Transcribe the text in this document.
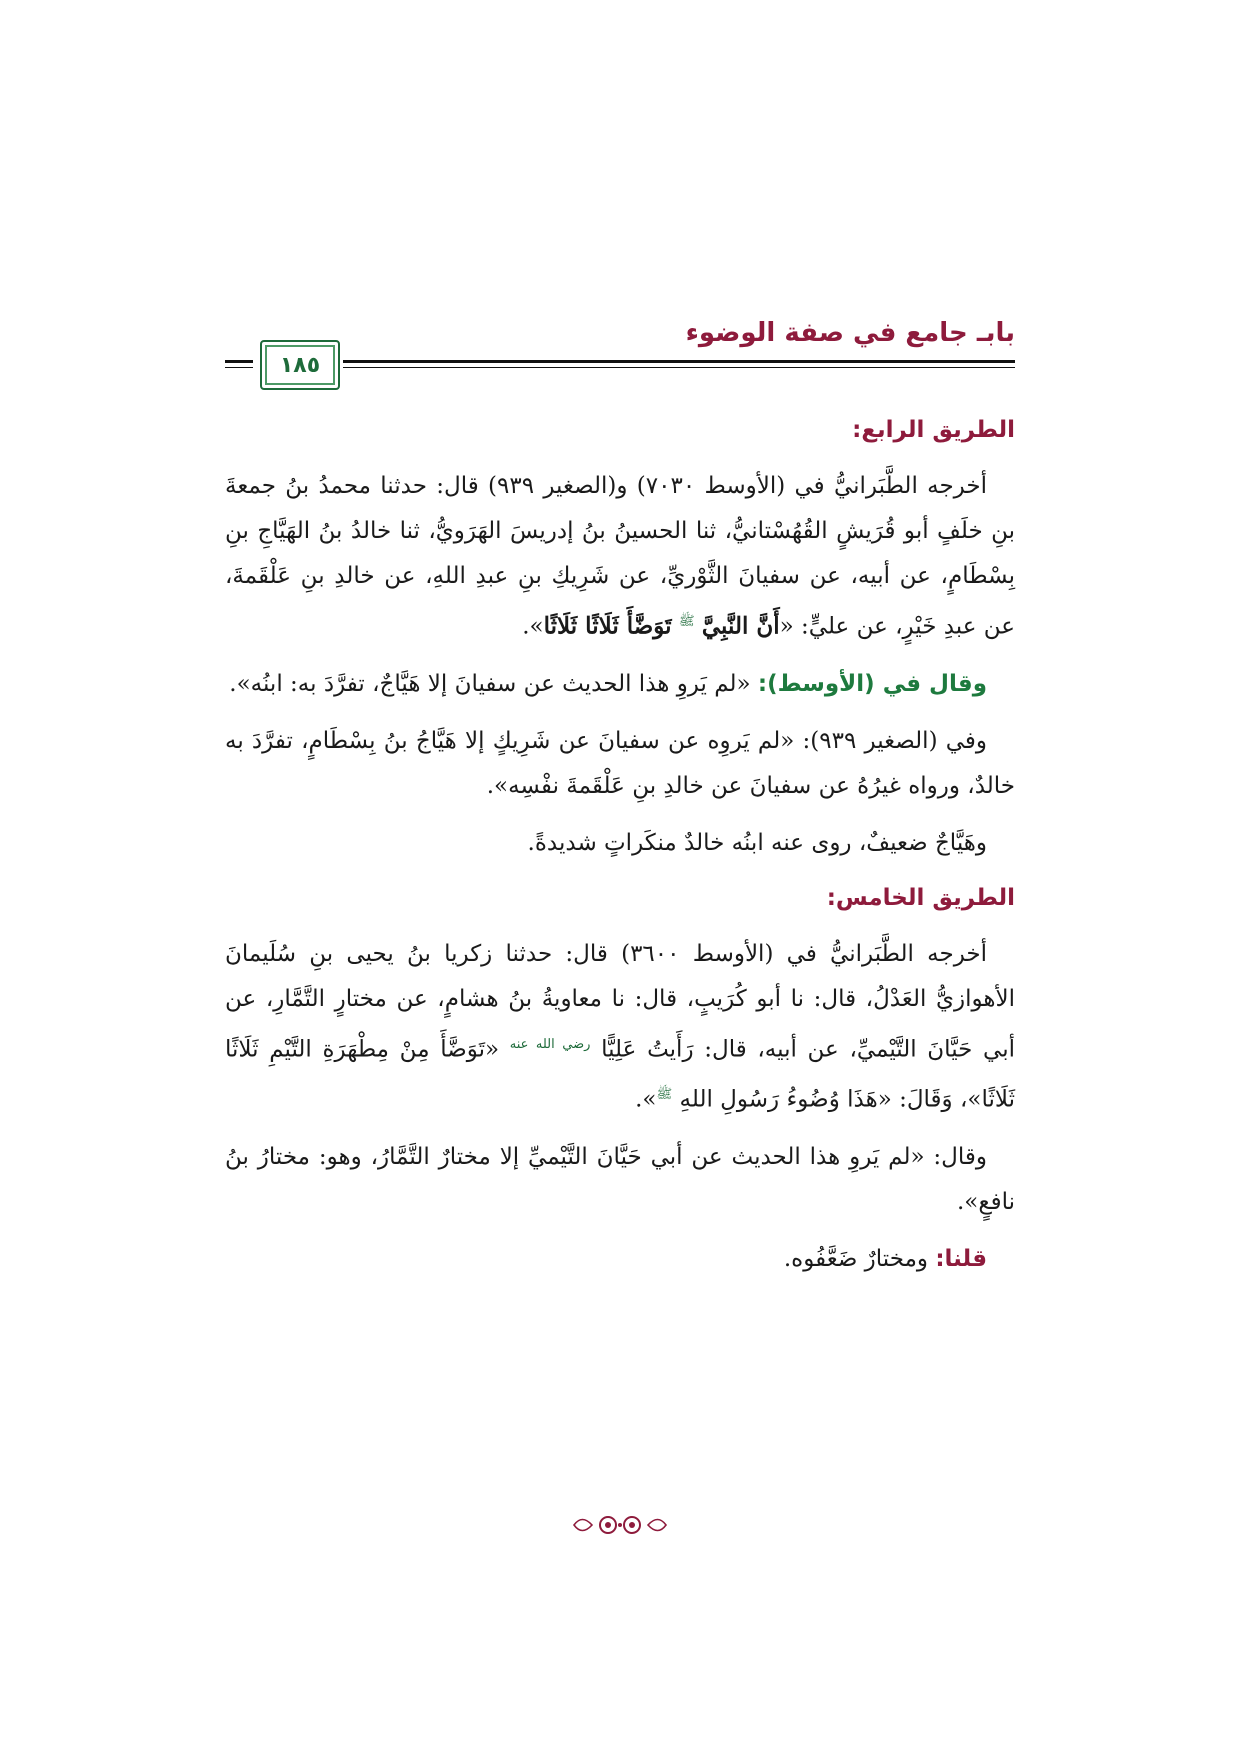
بابـ جامع في صفة الوضوء
١٨٥
الطريق الرابع:

أخرجه الطَّبَرانيُّ في (الأوسط ٧٠٣٠) و(الصغير ٩٣٩) قال: حدثنا محمدُ بنُ جمعةَ بنِ خلَفٍ أبو قُرَيشٍ القُهُسْتانيُّ، ثنا الحسينُ بنُ إدريسَ الهَرَويُّ، ثنا خالدُ بنُ الهَيَّاجِ بنِ بِسْطَامٍ، عن أبيه، عن سفيانَ الثَّوْريِّ، عن شَرِيكِ بنِ عبدِ اللهِ، عن خالدِ بنِ عَلْقَمةَ، عن عبدِ خَيْرٍ، عن عليٍّ: «أَنَّ النَّبِيَّ $^ﷺ$ تَوَضَّأَ ثَلَاثًا ثَلَاثًا».

وقال في (الأوسط): «لم يَروِ هذا الحديث عن سفيانَ إلا هَيَّاجٌ، تفرَّدَ به: ابنُه».

وفي (الصغير ٩٣٩): «لم يَروِه عن سفيانَ عن شَرِيكٍ إلا هَيَّاجُ بنُ بِسْطَامٍ، تفرَّدَ به خالدٌ، ورواه غيرُهُ عن سفيانَ عن خالدِ بنِ عَلْقَمةَ نفْسِه».

وهَيَّاجٌ ضعيفٌ، روى عنه ابنُه خالدٌ منكَراتٍ شديدةً.

الطريق الخامس:

أخرجه الطَّبَرانيُّ في (الأوسط ٣٦٠٠) قال: حدثنا زكريا بنُ يحيى بنِ سُلَيمانَ الأهوازيُّ العَدْلُ، قال: نا أبو كُرَيبٍ، قال: نا معاويةُ بنُ هشامٍ، عن مختارٍ التَّمَّارِ، عن أبي حَيَّانَ التَّيْميِّ، عن أبيه، قال: رَأَيتُ عَلِيًّا $^{رضي الله عنه}$ «تَوَضَّأَ مِنْ مِطْهَرَةِ التَّيْمِ ثَلَاثًا ثَلَاثًا»، وَقَالَ: «هَذَا وُضُوءُ رَسُولِ اللهِ $^ﷺ$».

وقال: «لم يَروِ هذا الحديث عن أبي حَيَّانَ التَّيْميِّ إلا مختارٌ التَّمَّارُ، وهو: مختارُ بنُ نافعٍ».

قلنا: ومختارٌ ضَعَّفُوه.
